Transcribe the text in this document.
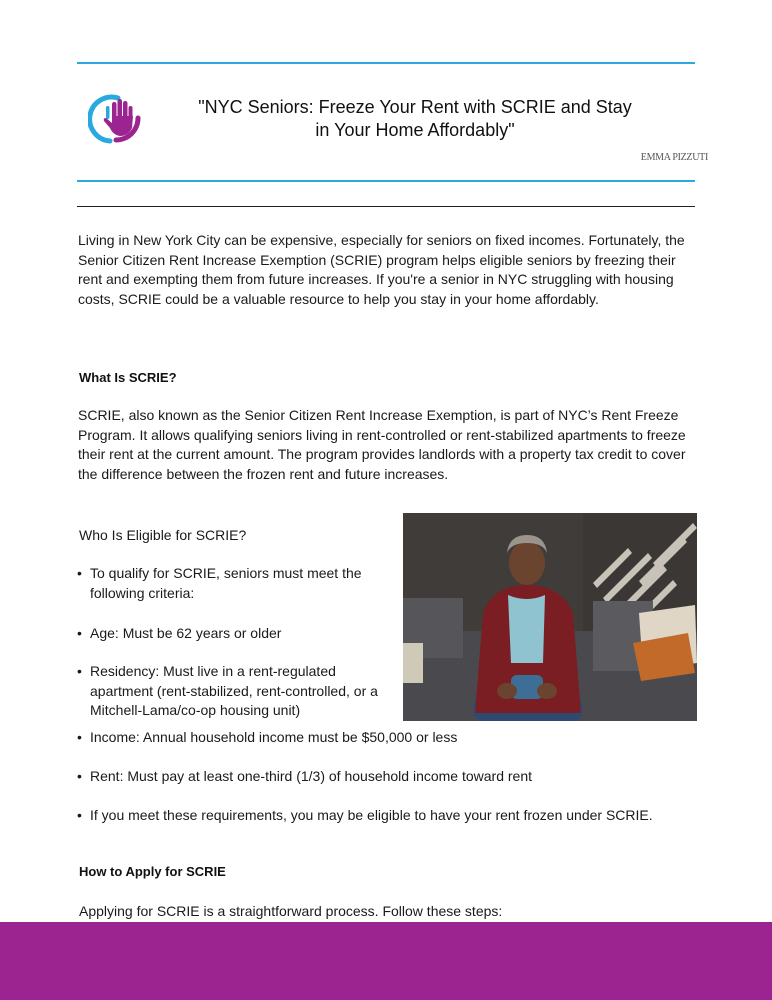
"NYC Seniors: Freeze Your Rent with SCRIE and Stay in Your Home Affordably"
EMMA PIZZUTI

Living in New York City can be expensive, especially for seniors on fixed incomes. Fortunately, the Senior Citizen Rent Increase Exemption (SCRIE) program helps eligible seniors by freezing their rent and exempting them from future increases. If you're a senior in NYC struggling with housing costs, SCRIE could be a valuable resource to help you stay in your home affordably.

What Is SCRIE?

SCRIE, also known as the Senior Citizen Rent Increase Exemption, is part of NYC’s Rent Freeze Program. It allows qualifying seniors living in rent-controlled or rent-stabilized apartments to freeze their rent at the current amount. The program provides landlords with a property tax credit to cover the difference between the frozen rent and future increases.

Who Is Eligible for SCRIE?

• To qualify for SCRIE, seniors must meet the following criteria:
• Age: Must be 62 years or older
• Residency: Must live in a rent-regulated apartment (rent-stabilized, rent-controlled, or a Mitchell-Lama/co-op housing unit)
• Income: Annual household income must be $50,000 or less
• Rent: Must pay at least one-third (1/3) of household income toward rent
• If you meet these requirements, you may be eligible to have your rent frozen under SCRIE.

How to Apply for SCRIE

Applying for SCRIE is a straightforward process. Follow these steps:
